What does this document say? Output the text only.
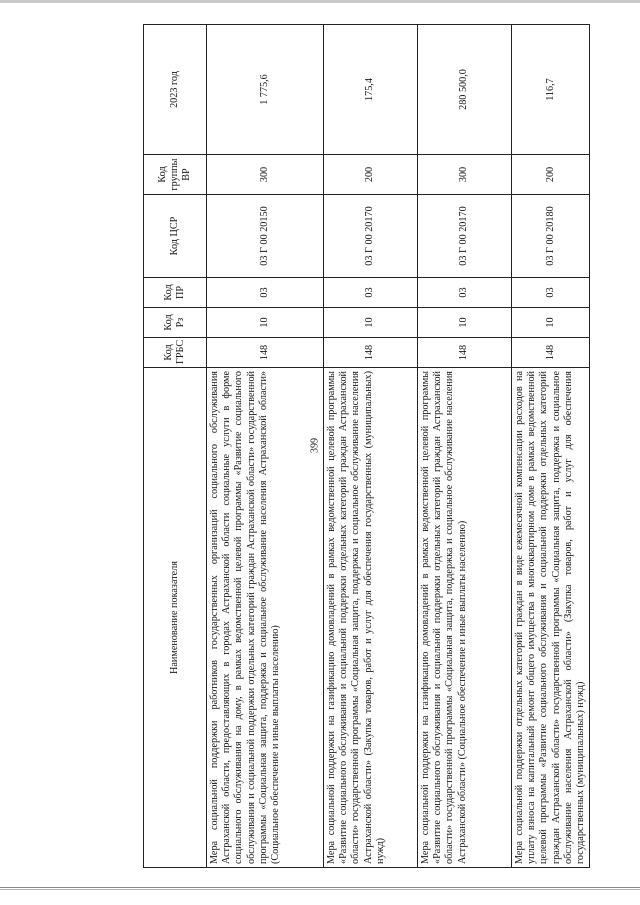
399
Наименование показателя	Код ГРБС	Код Рз	Код ПР	Код ЦСР	Код группы ВР	2023 год
Мера социальной поддержки работников государственных организаций социального обслуживания Астраханской области, предоставляющих в городах Астраханской области социальные услуги в форме социального обслуживания на дому, в рамках ведомственной целевой программы «Развитие социального обслуживания и социальной поддержки отдельных категорий граждан Астраханской области» государственной программы «Социальная защита, поддержка и социальное обслуживание населения Астраханской области» (Социальное обеспечение и иные выплаты населению)	148	10	03	03 Г 00 20150	300	1 775,6
Мера социальной поддержки на газификацию домовладений в рамках ведомственной целевой программы «Развитие социального обслуживания и социальной поддержки отдельных категорий граждан Астраханской области» государственной программы «Социальная защита, поддержка и социальное обслуживание населения Астраханской области» (Закупка товаров, работ и услуг для обеспечения государственных (муниципальных) нужд)	148	10	03	03 Г 00 20170	200	175,4
Мера социальной поддержки на газификацию домовладений в рамках ведомственной целевой программы «Развитие социального обслуживания и социальной поддержки отдельных категорий граждан Астраханской области» государственной программы «Социальная защита, поддержка и социальное обслуживание населения Астраханской области» (Социальное обеспечение и иные выплаты населению)	148	10	03	03 Г 00 20170	300	280 500,0
Мера социальной поддержки отдельных категорий граждан в виде ежемесячной компенсации расходов на уплату взноса на капитальный ремонт общего имущества в многоквартирном доме в рамках ведомственной целевой программы «Развитие социального обслуживания и социальной поддержки отдельных категорий граждан Астраханской области» государственной программы «Социальная защита, поддержка и социальное обслуживание населения Астраханской области» (Закупка товаров, работ и услуг для обеспечения государственных (муниципальных) нужд)	148	10	03	03 Г 00 20180	200	116,7
